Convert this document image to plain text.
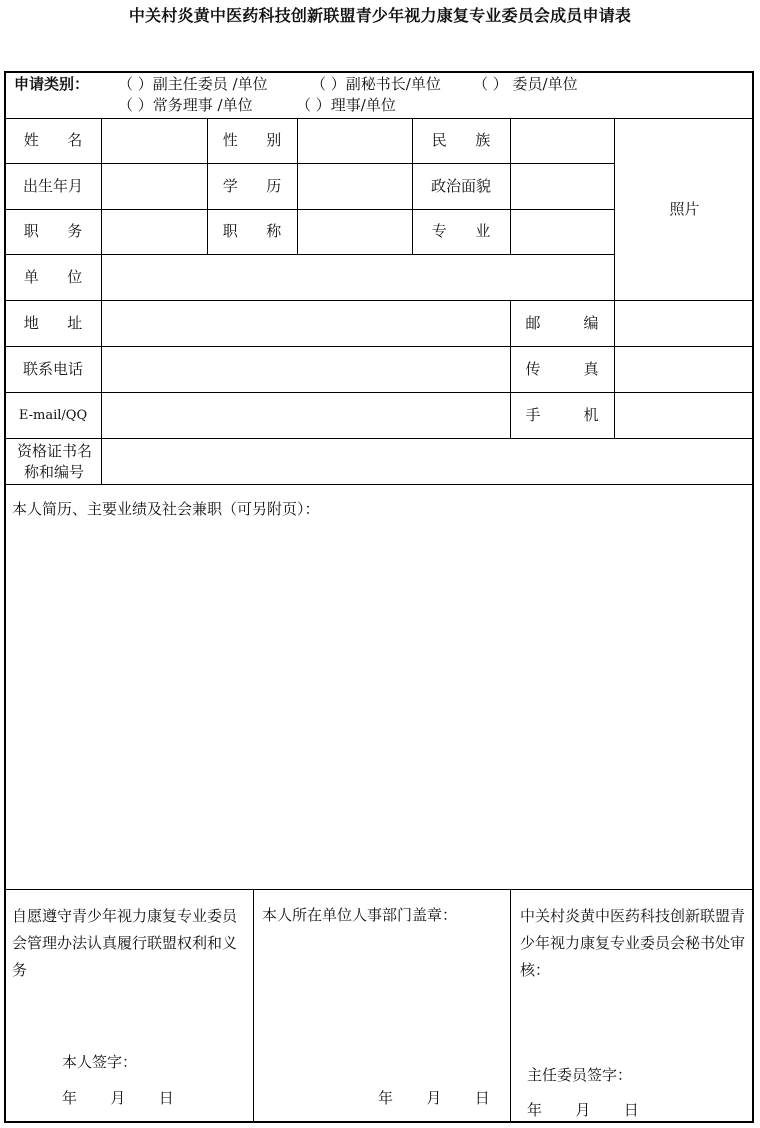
中关村炎黄中医药科技创新联盟青少年视力康复专业委员会成员申请表
申请类别： （ ）副主任委员 /单位	（ ）副秘书长/单位 （ ） 委员/单位
（ ）常务理事 /单位	（ ）理事/单位
姓      名	性      别	民      族
出生年月	学      历	政治面貌
职      务	职      称	专      业
照片
单      位
地      址	邮         编
联系电话	传         真
E-mail/QQ	手         机
资格证书名
称和编号
本人简历、主要业绩及社会兼职（可另附页）：
自愿遵守青少年视力康复专业委员会管理办法认真履行联盟权利和义务
本人签字：
年       月       日
本人所在单位人事部门盖章：
年       月       日
中关村炎黄中医药科技创新联盟青少年视力康复专业委员会秘书处审核：
主任委员签字：
年       月       日
